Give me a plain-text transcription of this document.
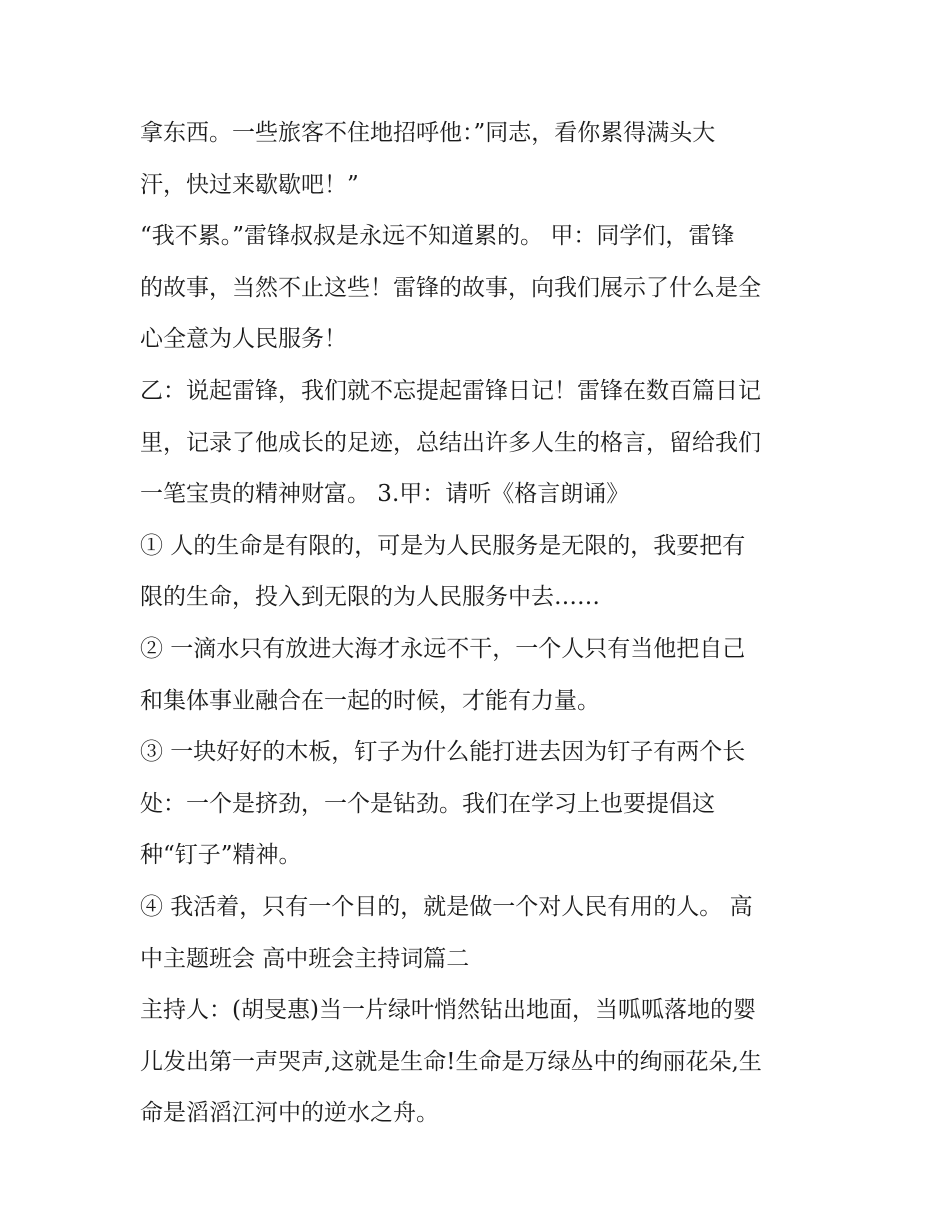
拿东西。一些旅客不住地招呼他：”同志，看你累得满头大
汗，快过来歇歇吧！”
“我不累。”雷锋叔叔是永远不知道累的。 甲：同学们，雷锋
的故事，当然不止这些！雷锋的故事，向我们展示了什么是全
心全意为人民服务！
乙：说起雷锋，我们就不忘提起雷锋日记！雷锋在数百篇日记
里，记录了他成长的足迹，总结出许多人生的格言，留给我们
一笔宝贵的精神财富。 3.甲：请听《格言朗诵》
① 人的生命是有限的，可是为人民服务是无限的，我要把有
限的生命，投入到无限的为人民服务中去……
② 一滴水只有放进大海才永远不干，一个人只有当他把自己
和集体事业融合在一起的时候，才能有力量。
③ 一块好好的木板，钉子为什么能打进去因为钉子有两个长
处：一个是挤劲，一个是钻劲。我们在学习上也要提倡这
种“钉子”精神。
④ 我活着，只有一个目的，就是做一个对人民有用的人。 高
中主题班会 高中班会主持词篇二
主持人：(胡旻惠)当一片绿叶悄然钻出地面，当呱呱落地的婴
儿发出第一声哭声,这就是生命!生命是万绿丛中的绚丽花朵,生
命是滔滔江河中的逆水之舟。
